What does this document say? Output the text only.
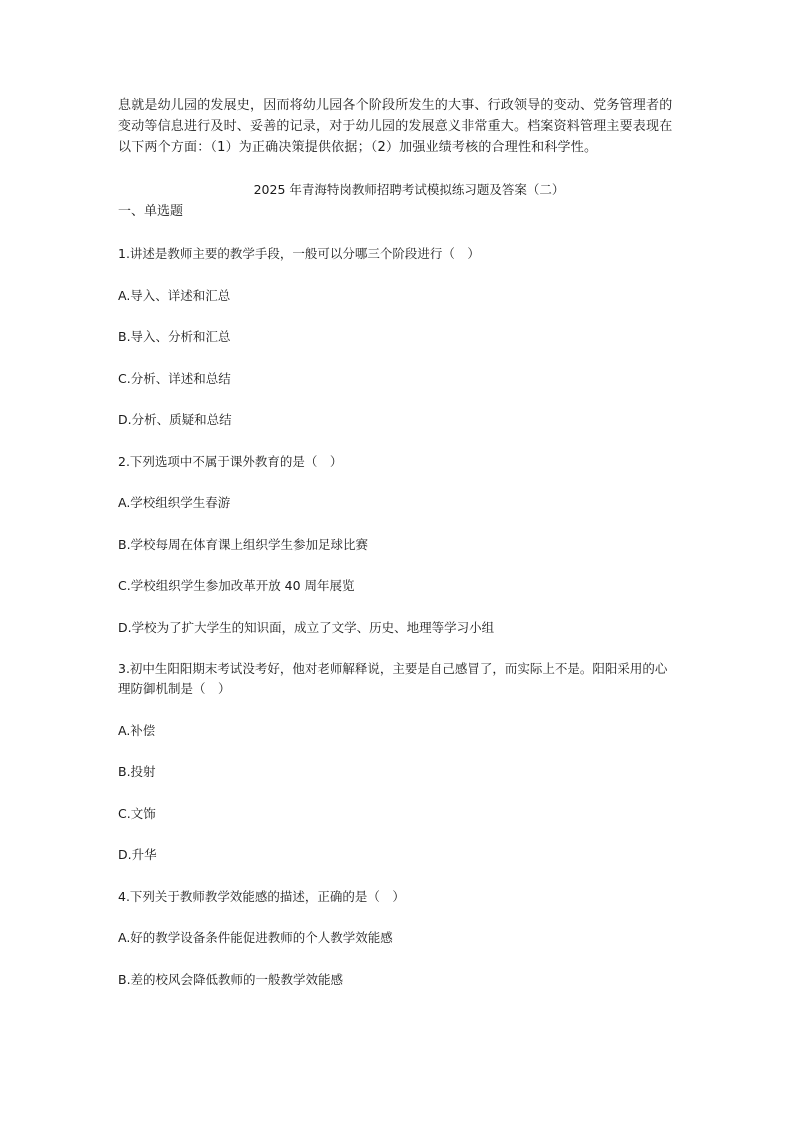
息就是幼儿园的发展史，因而将幼儿园各个阶段所发生的大事、行政领导的变动、党务管理者的变动等信息进行及时、妥善的记录，对于幼儿园的发展意义非常重大。档案资料管理主要表现在以下两个方面：（1）为正确决策提供依据；（2）加强业绩考核的合理性和科学性。

2025 年青海特岗教师招聘考试模拟练习题及答案（二）

一、单选题

1.讲述是教师主要的教学手段，一般可以分哪三个阶段进行（　）

A.导入、详述和汇总

B.导入、分析和汇总

C.分析、详述和总结

D.分析、质疑和总结

2.下列选项中不属于课外教育的是（　）

A.学校组织学生春游

B.学校每周在体育课上组织学生参加足球比赛

C.学校组织学生参加改革开放 40 周年展览

D.学校为了扩大学生的知识面，成立了文学、历史、地理等学习小组

3.初中生阳阳期末考试没考好，他对老师解释说，主要是自己感冒了，而实际上不是。阳阳采用的心理防御机制是（　）

A.补偿

B.投射

C.文饰

D.升华

4.下列关于教师教学效能感的描述，正确的是（　）

A.好的教学设备条件能促进教师的个人教学效能感

B.差的校风会降低教师的一般教学效能感
